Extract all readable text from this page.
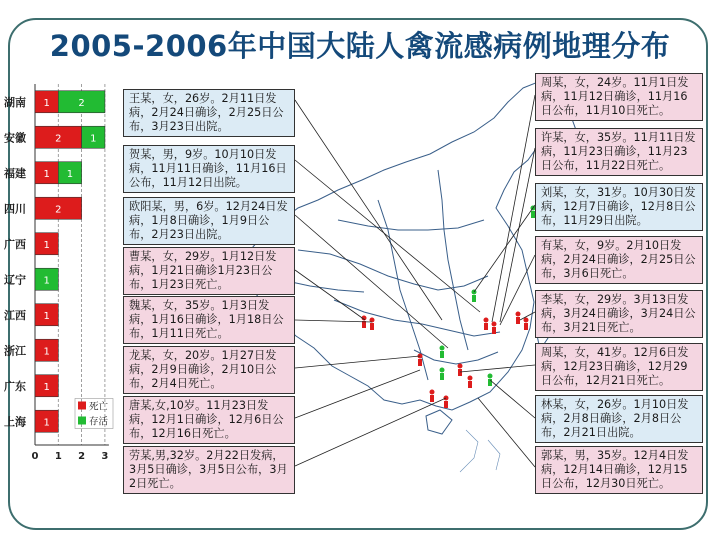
2005-2006年中国大陆人禽流感病例地理分布
湖南 1	2
安徽	2	1
福建 1 1
四川	2
广西 1
辽宁 1
江西 1
浙江 1
广东 1
上海 1
0 1 2 3
死亡
存活
王某，女，26岁。2月11日发病，2月24日确诊，2月25日公布，3月23日出院。
贺某，男，9岁。10月10日发病，11月11日确诊，11月16日公布，11月12日出院。
欧阳某，男，6岁。12月24日发病，1月8日确诊，1月9日公布，2月23日出院。
曹某，女，29岁。1月12日发病，1月21日确诊1月23日公布，1月23日死亡。
魏某，女，35岁。1月3日发病，1月16日确诊，1月18日公布，1月11日死亡。
龙某，女，20岁。1月27日发病，2月9日确诊，2月10日公布，2月4日死亡。
唐某,女,10岁。11月23日发病，12月1日确诊，12月6日公布，12月16日死亡。
劳某,男,32岁。2月22日发病，3月5日确诊，3月5日公布，3月2日死亡。
周某，女，24岁。11月1日发病，11月12日确诊，11月16日公布，11月10日死亡。
许某，女，35岁。11月11日发病，11月23日确诊，11月23日公布，11月22日死亡。
刘某，女，31岁。10月30日发病，12月7日确诊，12月8日公布，11月29日出院。
有某，女，9岁。2月10日发病，2月24日确诊，2月25日公布，3月6日死亡。
李某，女，29岁。3月13日发病，3月24日确诊，3月24日公布，3月21日死亡。
周某，女，41岁。12月6日发病，12月23日确诊，12月29日公布，12月21日死亡。
林某，女，26岁。1月10日发病，2月8日确诊，2月8日公布，2月21日出院。
郭某，男，35岁。12月4日发病，12月14日确诊，12月15日公布，12月30日死亡。
